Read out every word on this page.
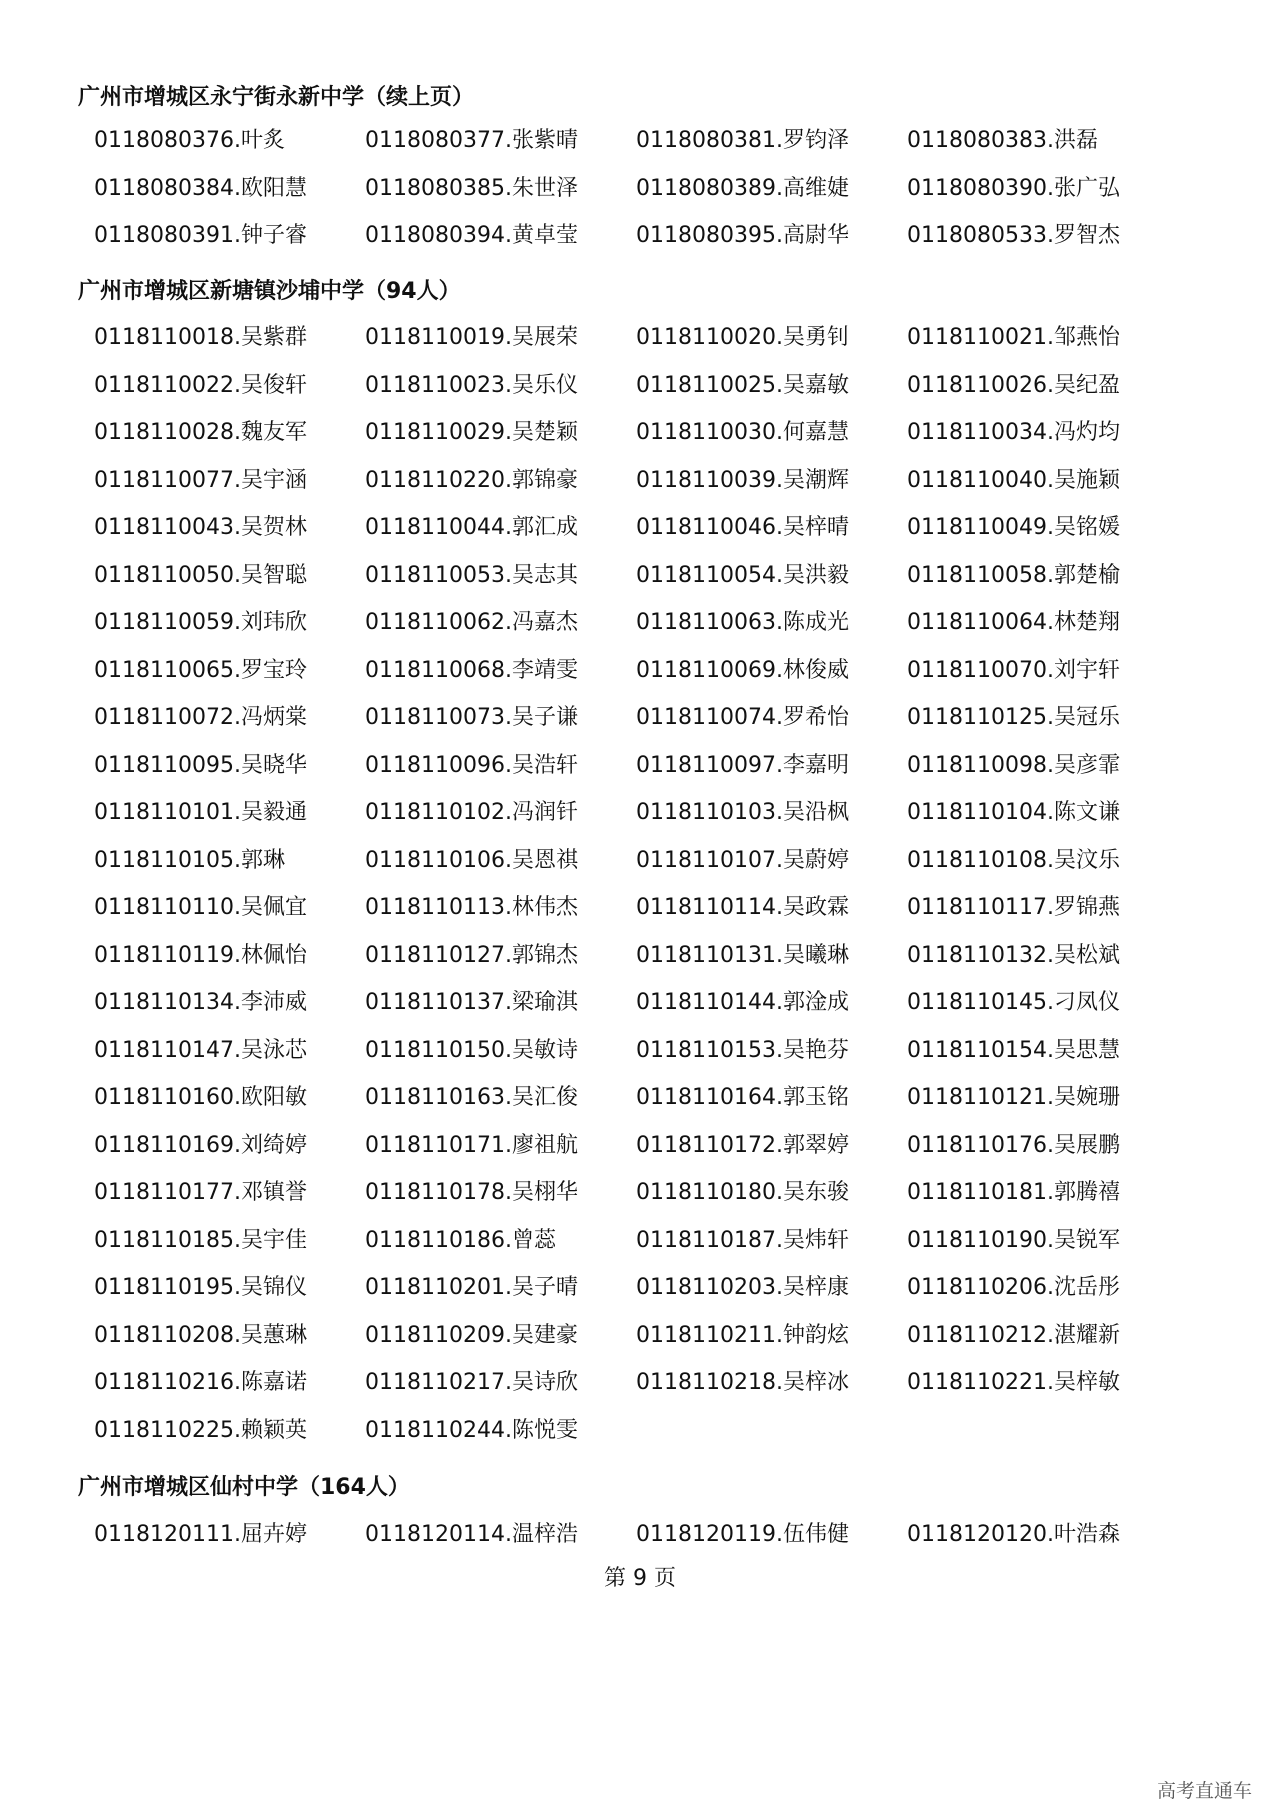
广州市增城区永宁街永新中学（续上页）
0118080376.叶炙	0118080377.张紫晴	0118080381.罗钧泽	0118080383.洪磊
0118080384.欧阳慧	0118080385.朱世泽	0118080389.高维婕	0118080390.张广弘
0118080391.钟子睿	0118080394.黄卓莹	0118080395.高尉华	0118080533.罗智杰
广州市增城区新塘镇沙埔中学（94人）
0118110018.吴紫群	0118110019.吴展荣	0118110020.吴勇钊	0118110021.邹燕怡
0118110022.吴俊轩	0118110023.吴乐仪	0118110025.吴嘉敏	0118110026.吴纪盈
0118110028.魏友军	0118110029.吴楚颖	0118110030.何嘉慧	0118110034.冯灼均
0118110077.吴宇涵	0118110220.郭锦豪	0118110039.吴潮辉	0118110040.吴施颖
0118110043.吴贺林	0118110044.郭汇成	0118110046.吴梓晴	0118110049.吴铭媛
0118110050.吴智聪	0118110053.吴志其	0118110054.吴洪毅	0118110058.郭楚榆
0118110059.刘玮欣	0118110062.冯嘉杰	0118110063.陈成光	0118110064.林楚翔
0118110065.罗宝玲	0118110068.李靖雯	0118110069.林俊威	0118110070.刘宇轩
0118110072.冯炳棠	0118110073.吴子谦	0118110074.罗希怡	0118110125.吴冠乐
0118110095.吴晓华	0118110096.吴浩轩	0118110097.李嘉明	0118110098.吴彦霏
0118110101.吴毅通	0118110102.冯润钎	0118110103.吴沿枫	0118110104.陈文谦
0118110105.郭琳	0118110106.吴恩祺	0118110107.吴蔚婷	0118110108.吴汶乐
0118110110.吴佩宜	0118110113.林伟杰	0118110114.吴政霖	0118110117.罗锦燕
0118110119.林佩怡	0118110127.郭锦杰	0118110131.吴曦琳	0118110132.吴松斌
0118110134.李沛威	0118110137.梁瑜淇	0118110144.郭淦成	0118110145.刁凤仪
0118110147.吴泳芯	0118110150.吴敏诗	0118110153.吴艳芬	0118110154.吴思慧
0118110160.欧阳敏	0118110163.吴汇俊	0118110164.郭玉铭	0118110121.吴婉珊
0118110169.刘绮婷	0118110171.廖祖航	0118110172.郭翠婷	0118110176.吴展鹏
0118110177.邓镇誉	0118110178.吴栩华	0118110180.吴东骏	0118110181.郭腾禧
0118110185.吴宇佳	0118110186.曾蕊	0118110187.吴炜轩	0118110190.吴锐军
0118110195.吴锦仪	0118110201.吴子晴	0118110203.吴梓康	0118110206.沈岳彤
0118110208.吴蕙琳	0118110209.吴建豪	0118110211.钟韵炫	0118110212.湛耀新
0118110216.陈嘉诺	0118110217.吴诗欣	0118110218.吴梓冰	0118110221.吴梓敏
0118110225.赖颖英	0118110244.陈悦雯
广州市增城区仙村中学（164人）
0118120111.屈卉婷	0118120114.温梓浩	0118120119.伍伟健	0118120120.叶浩森
第 9 页
高考直通车
